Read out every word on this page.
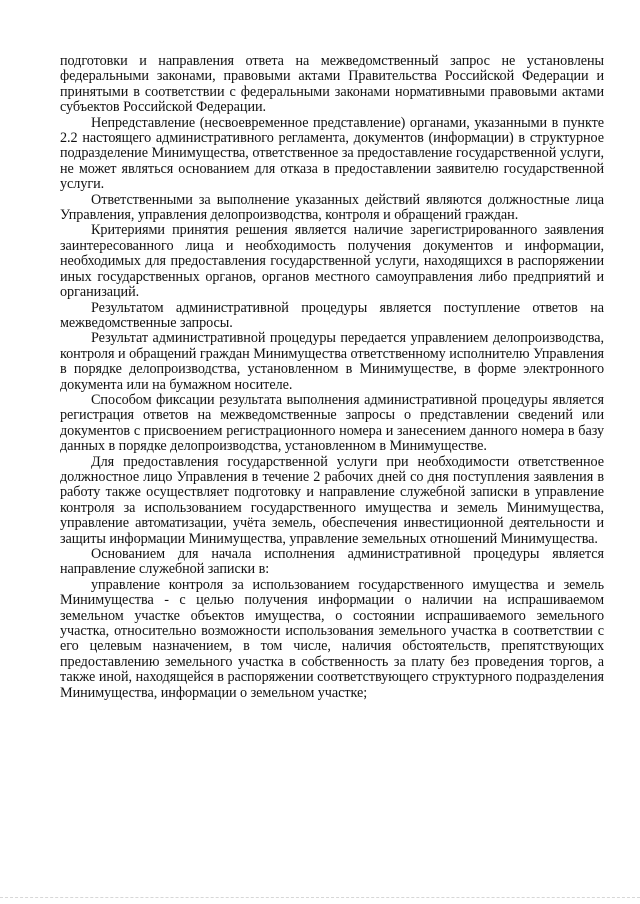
подготовки и направления ответа на межведомственный запрос не установлены федеральными законами, правовыми актами Правительства Российской Федерации и принятыми в соответствии с федеральными законами нормативными правовыми актами субъектов Российской Федерации.

Непредставление (несвоевременное представление) органами, указанными в пункте 2.2 настоящего административного регламента, документов (информации) в структурное подразделение Минимущества, ответственное за предоставление государственной услуги, не может являться основанием для отказа в предоставлении заявителю государственной услуги.

Ответственными за выполнение указанных действий являются должностные лица Управления, управления делопроизводства, контроля и обращений граждан.

Критериями принятия решения является наличие зарегистрированного заявления заинтересованного лица и необходимость получения документов и информации, необходимых для предоставления государственной услуги, находящихся в распоряжении иных государственных органов, органов местного самоуправления либо предприятий и организаций.

Результатом административной процедуры является поступление ответов на межведомственные запросы.

Результат административной процедуры передается управлением делопроизводства, контроля и обращений граждан Минимущества ответственному исполнителю Управления в порядке делопроизводства, установленном в Минимуществе, в форме электронного документа или на бумажном носителе.

Способом фиксации результата выполнения административной процедуры является регистрация ответов на межведомственные запросы о представлении сведений или документов с присвоением регистрационного номера и занесением данного номера в базу данных в порядке делопроизводства, установленном в Минимуществе.

Для предоставления государственной услуги при необходимости ответственное должностное лицо Управления в течение 2 рабочих дней со дня поступления заявления в работу также осуществляет подготовку и направление служебной записки в управление контроля за использованием государственного имущества и земель Минимущества, управление автоматизации, учёта земель, обеспечения инвестиционной деятельности и защиты информации Минимущества, управление земельных отношений Минимущества.

Основанием для начала исполнения административной процедуры является направление служебной записки в:

управление контроля за использованием государственного имущества и земель Минимущества - с целью получения информации о наличии на испрашиваемом земельном участке объектов имущества, о состоянии испрашиваемого земельного участка, относительно возможности использования земельного участка в соответствии с его целевым назначением, в том числе, наличия обстоятельств, препятствующих предоставлению земельного участка в собственность за плату без проведения торгов, а также иной, находящейся в распоряжении соответствующего структурного подразделения Минимущества, информации о земельном участке;
